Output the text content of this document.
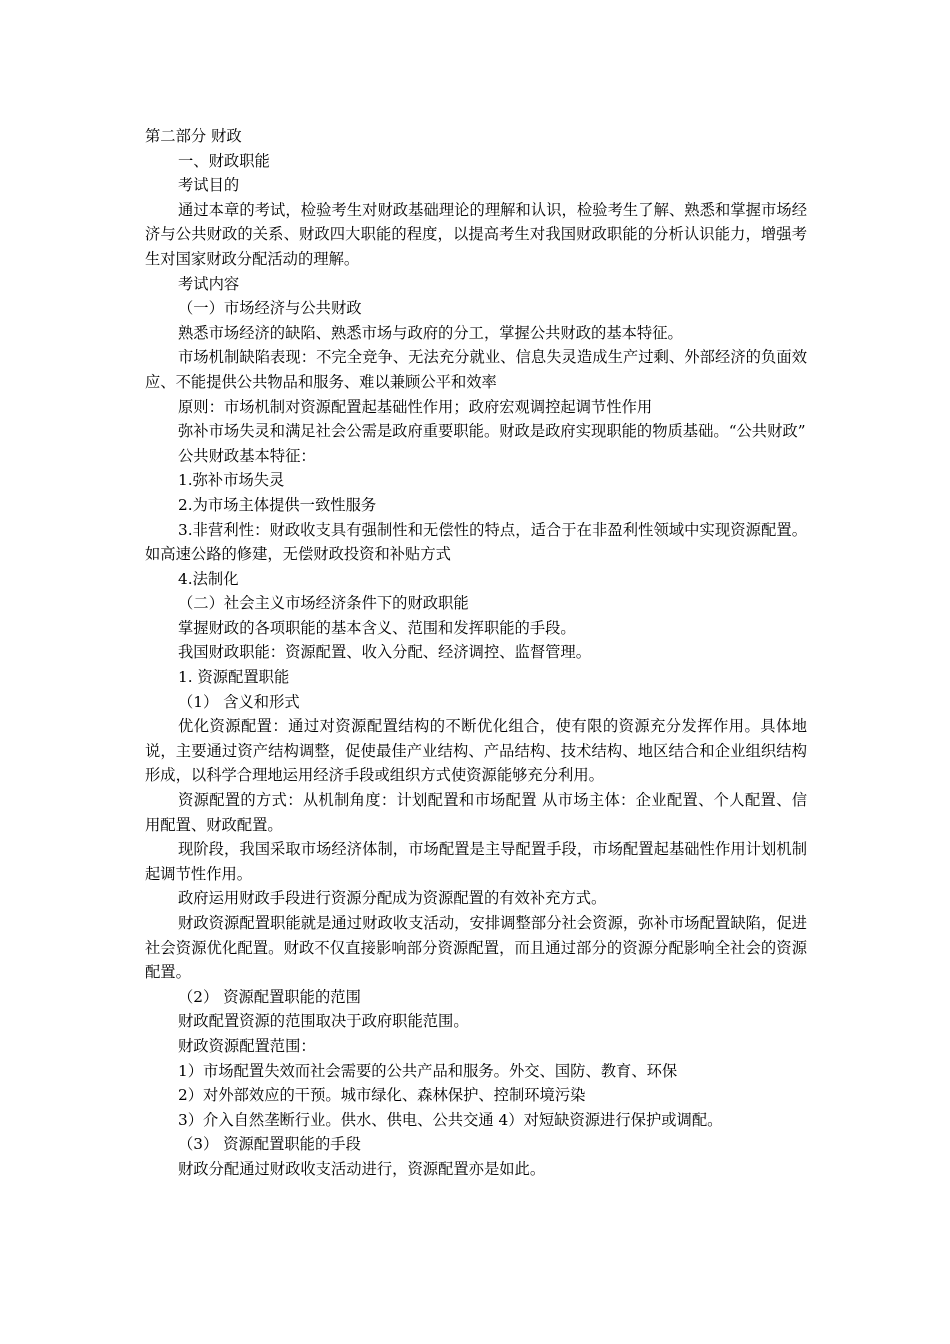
第二部分 财政

一、财政职能

考试目的

通过本章的考试，检验考生对财政基础理论的理解和认识，检验考生了解、熟悉和掌握市场经济与公共财政的关系、财政四大职能的程度，以提高考生对我国财政职能的分析认识能力，增强考生对国家财政分配活动的理解。

考试内容

（一）市场经济与公共财政

熟悉市场经济的缺陷、熟悉市场与政府的分工，掌握公共财政的基本特征。

市场机制缺陷表现：不完全竞争、无法充分就业、信息失灵造成生产过剩、外部经济的负面效应、不能提供公共物品和服务、难以兼顾公平和效率

原则：市场机制对资源配置起基础性作用；政府宏观调控起调节性作用

弥补市场失灵和满足社会公需是政府重要职能。财政是政府实现职能的物质基础。“公共财政”

公共财政基本特征：

1.弥补市场失灵

2.为市场主体提供一致性服务

3.非营利性：财政收支具有强制性和无偿性的特点，适合于在非盈利性领域中实现资源配置。如高速公路的修建，无偿财政投资和补贴方式

4.法制化

（二）社会主义市场经济条件下的财政职能

掌握财政的各项职能的基本含义、范围和发挥职能的手段。

我国财政职能：资源配置、收入分配、经济调控、监督管理。

1. 资源配置职能

（1） 含义和形式

优化资源配置：通过对资源配置结构的不断优化组合，使有限的资源充分发挥作用。具体地说，主要通过资产结构调整，促使最佳产业结构、产品结构、技术结构、地区结合和企业组织结构形成，以科学合理地运用经济手段或组织方式使资源能够充分利用。

资源配置的方式：从机制角度：计划配置和市场配置 从市场主体：企业配置、个人配置、信用配置、财政配置。

现阶段，我国采取市场经济体制，市场配置是主导配置手段，市场配置起基础性作用计划机制起调节性作用。

政府运用财政手段进行资源分配成为资源配置的有效补充方式。

财政资源配置职能就是通过财政收支活动，安排调整部分社会资源，弥补市场配置缺陷，促进社会资源优化配置。财政不仅直接影响部分资源配置，而且通过部分的资源分配影响全社会的资源配置。

（2） 资源配置职能的范围

财政配置资源的范围取决于政府职能范围。

财政资源配置范围：

1）市场配置失效而社会需要的公共产品和服务。外交、国防、教育、环保

2）对外部效应的干预。城市绿化、森林保护、控制环境污染

3）介入自然垄断行业。供水、供电、公共交通 4）对短缺资源进行保护或调配。

（3） 资源配置职能的手段

财政分配通过财政收支活动进行，资源配置亦是如此。
